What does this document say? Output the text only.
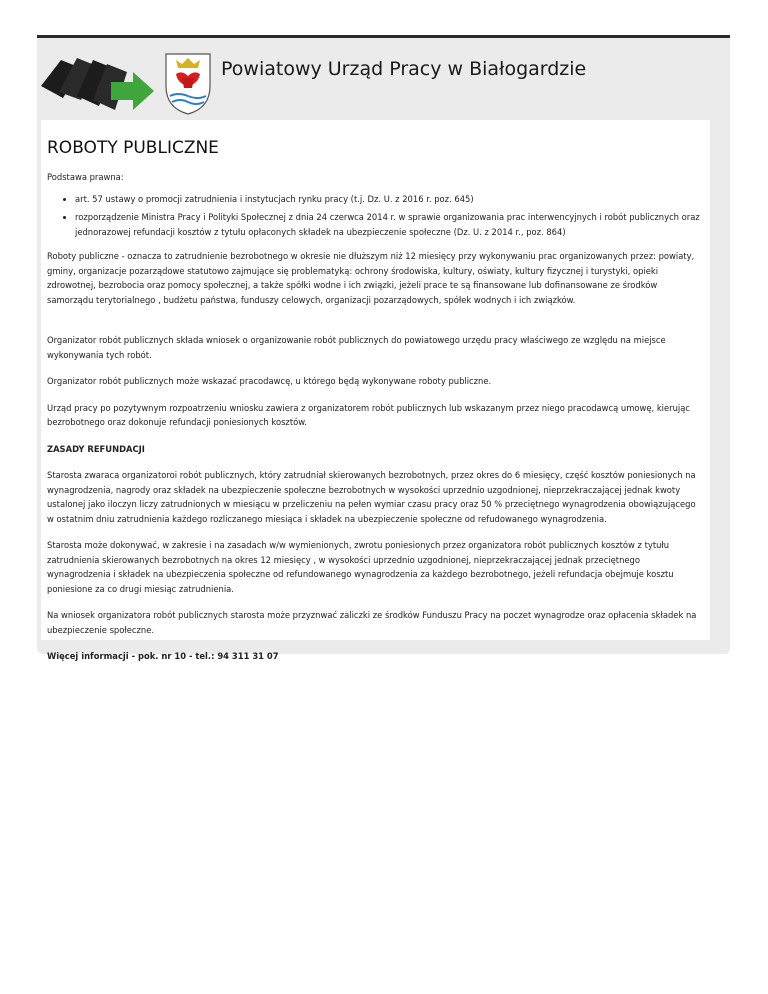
Powiatowy Urząd Pracy w Białogardzie
ROBOTY PUBLICZNE

Podstawa prawna:

• art. 57 ustawy o promocji zatrudnienia i instytucjach rynku pracy (t.j. Dz. U. z 2016 r. poz. 645)
• rozporządzenie Ministra Pracy i Polityki Społecznej z dnia 24 czerwca 2014 r. w sprawie organizowania prac interwencyjnych i robót publicznych oraz jednorazowej refundacji kosztów z tytułu opłaconych składek na ubezpieczenie społeczne (Dz. U. z 2014 r., poz. 864)

Roboty publiczne - oznacza to zatrudnienie bezrobotnego w okresie nie dłuższym niż 12 miesięcy przy wykonywaniu prac organizowanych przez: powiaty, gminy, organizacje pozarządowe statutowo zajmujące się problematyką: ochrony środowiska, kultury, oświaty, kultury fizycznej i turystyki, opieki zdrowotnej, bezrobocia oraz pomocy społecznej, a także spółki wodne i ich związki, jeżeli prace te są finansowane lub dofinansowane ze środków samorządu terytorialnego , budżetu państwa, funduszy celowych, organizacji pozarządowych, spółek wodnych i ich związków.

Organizator robót publicznych składa wniosek o organizowanie robót publicznych do powiatowego urzędu pracy właściwego ze względu na miejsce wykonywania tych robót.

Organizator robót publicznych może wskazać pracodawcę, u którego będą wykonywane roboty publiczne.

Urząd pracy po pozytywnym rozpoatrzeniu wniosku zawiera z organizatorem robót publicznych lub wskazanym przez niego pracodawcą umowę, kierując bezrobotnego oraz dokonuje refundacji poniesionych kosztów.

ZASADY REFUNDACJI

Starosta zwaraca organizatoroi robót publicznych, który zatrudniał skierowanych bezrobotnych, przez okres do 6 miesięcy, część kosztów poniesionych na wynagrodzenia, nagrody oraz składek na ubezpieczenie społeczne bezrobotnych w wysokości uprzednio uzgodnionej, nieprzekraczającej jednak kwoty ustalonej jako iloczyn liczy zatrudnionych w miesiącu w przeliczeniu na pełen wymiar czasu pracy oraz 50 % przeciętnego wynagrodzenia obowiązującego w ostatnim dniu zatrudnienia każdego rozliczanego miesiąca i składek na ubezpieczenie społeczne od refudowanego wynagrodzenia.

Starosta może dokonywać, w zakresie i na zasadach w/w wymienionych, zwrotu poniesionych przez organizatora robót publicznych kosztów z tytułu zatrudnienia skierowanych bezrobotnych na okres 12 miesięcy , w wysokości uprzednio uzgodnionej, nieprzekraczającej jednak przeciętnego wynagrodzenia i składek na ubezpieczenia społeczne od refundowanego wynagrodzenia za każdego bezrobotnego, jeżeli refundacja obejmuje kosztu poniesione za co drugi miesiąc zatrudnienia.

Na wniosek organizatora robót publicznych starosta może przyznwać zaliczki ze środków Funduszu Pracy na poczet wynagrodze oraz opłacenia składek na ubezpieczenie społeczne.

Więcej informacji - pok. nr 10 - tel.: 94 311 31 07
